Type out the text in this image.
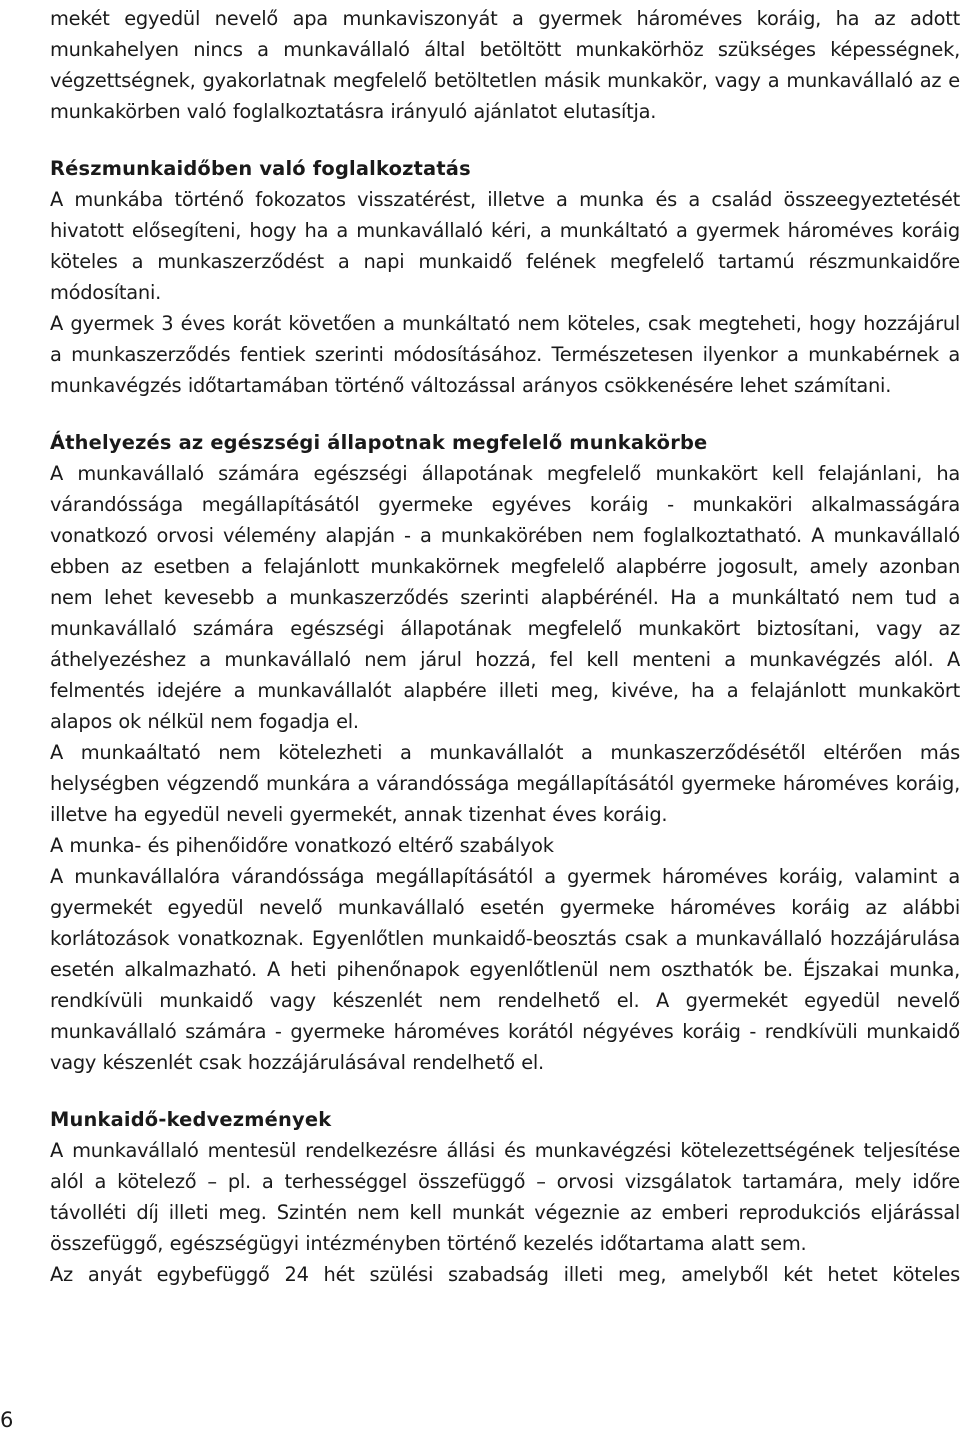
mekét egyedül nevelő apa munkaviszonyát a gyermek hároméves koráig, ha az adott munkahelyen nincs a munkavállaló által betöltött munkakörhöz szükséges képességnek, végzettségnek, gyakorlatnak megfelelő betöltetlen másik munkakör, vagy a munkavállaló az e munkakörben való foglalkoztatásra irányuló ajánlatot elutasítja.

Részmunkaidőben való foglalkoztatás

A munkába történő fokozatos visszatérést, illetve a munka és a család összeegyeztetését hivatott elősegíteni, hogy ha a munkavállaló kéri, a munkáltató a gyermek hároméves koráig köteles a munkaszerződést a napi munkaidő felének megfelelő tartamú részmunkaidőre módosítani.

A gyermek 3 éves korát követően a munkáltató nem köteles, csak megteheti, hogy hozzájárul a munkaszerződés fentiek szerinti módosításához. Természetesen ilyenkor a munkabérnek a munkavégzés időtartamában történő változással arányos csökkenésére lehet számítani.

Áthelyezés az egészségi állapotnak megfelelő munkakörbe

A munkavállaló számára egészségi állapotának megfelelő munkakört kell felajánlani, ha várandóssága megállapításától gyermeke egyéves koráig - munkaköri alkalmasságára vonatkozó orvosi vélemény alapján - a munkakörében nem foglalkoztatható. A munkavállaló ebben az esetben a felajánlott munkakörnek megfelelő alapbérre jogosult, amely azonban nem lehet kevesebb a munkaszerződés szerinti alapbérénél. Ha a munkáltató nem tud a munkavállaló számára egészségi állapotának megfelelő munkakört biztosítani, vagy az áthelyezéshez a munkavállaló nem járul hozzá, fel kell menteni a munkavégzés alól. A felmentés idejére a munkavállalót alapbére illeti meg, kivéve, ha a felajánlott munkakört alapos ok nélkül nem fogadja el.

A munkaáltató nem kötelezheti a munkavállalót a munkaszerződésétől eltérően más helységben végzendő munkára a várandóssága megállapításától gyermeke hároméves koráig, illetve ha egyedül neveli gyermekét, annak tizenhat éves koráig.

A munka- és pihenőidőre vonatkozó eltérő szabályok

A munkavállalóra várandóssága megállapításától a gyermek hároméves koráig, valamint a gyermekét egyedül nevelő munkavállaló esetén gyermeke hároméves koráig az alábbi korlátozások vonatkoznak. Egyenlőtlen munkaidő-beosztás csak a munkavállaló hozzájárulása esetén alkalmazható. A heti pihenőnapok egyenlőtlenül nem oszthatók be. Éjszakai munka, rendkívüli munkaidő vagy készenlét nem rendelhető el. A gyermekét egyedül nevelő munkavállaló számára - gyermeke hároméves korától négyéves koráig - rendkívüli munkaidő vagy készenlét csak hozzájárulásával rendelhető el.

Munkaidő-kedvezmények

A munkavállaló mentesül rendelkezésre állási és munkavégzési kötelezettségének teljesítése alól a kötelező – pl. a terhességgel összefüggő – orvosi vizsgálatok tartamára, mely időre távolléti díj illeti meg. Szintén nem kell munkát végeznie az emberi reprodukciós eljárással összefüggő, egészségügyi intézményben történő kezelés időtartama alatt sem.

Az anyát egybefüggő 24 hét szülési szabadság illeti meg, amelyből két hetet köteles

6
